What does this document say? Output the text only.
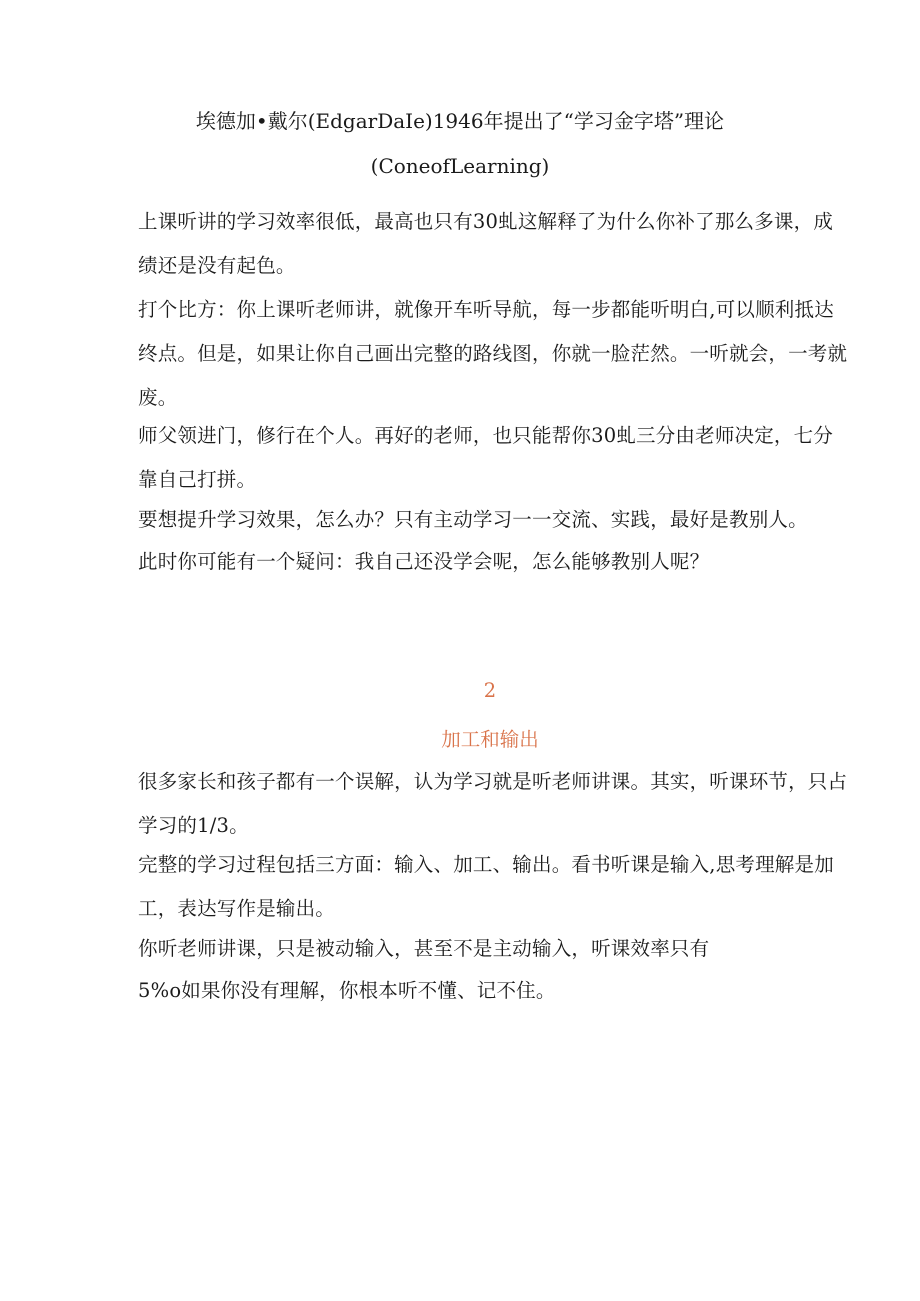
埃德加•戴尔(EdgarDaIe)1946年提出了“学习金字塔”理论
(ConeofLearning)
上课听讲的学习效率很低，最高也只有30虬这解释了为什么你补了那么多课，成绩还是没有起色。
打个比方：你上课听老师讲，就像开车听导航，每一步都能听明白,可以顺利抵达终点。但是，如果让你自己画出完整的路线图，你就一脸茫然。一听就会，一考就废。
师父领进门，修行在个人。再好的老师，也只能帮你30虬三分由老师决定，七分靠自己打拼。
要想提升学习效果，怎么办？只有主动学习一一交流、实践，最好是教别人。
此时你可能有一个疑问：我自己还没学会呢，怎么能够教别人呢？
2
加工和输出
很多家长和孩子都有一个误解，认为学习就是听老师讲课。其实，听课环节，只占学习的1/3。
完整的学习过程包括三方面：输入、加工、输出。看书听课是输入,思考理解是加工，表达写作是输出。
你听老师讲课，只是被动输入，甚至不是主动输入，听课效率只有
5%o如果你没有理解，你根本听不懂、记不住。
